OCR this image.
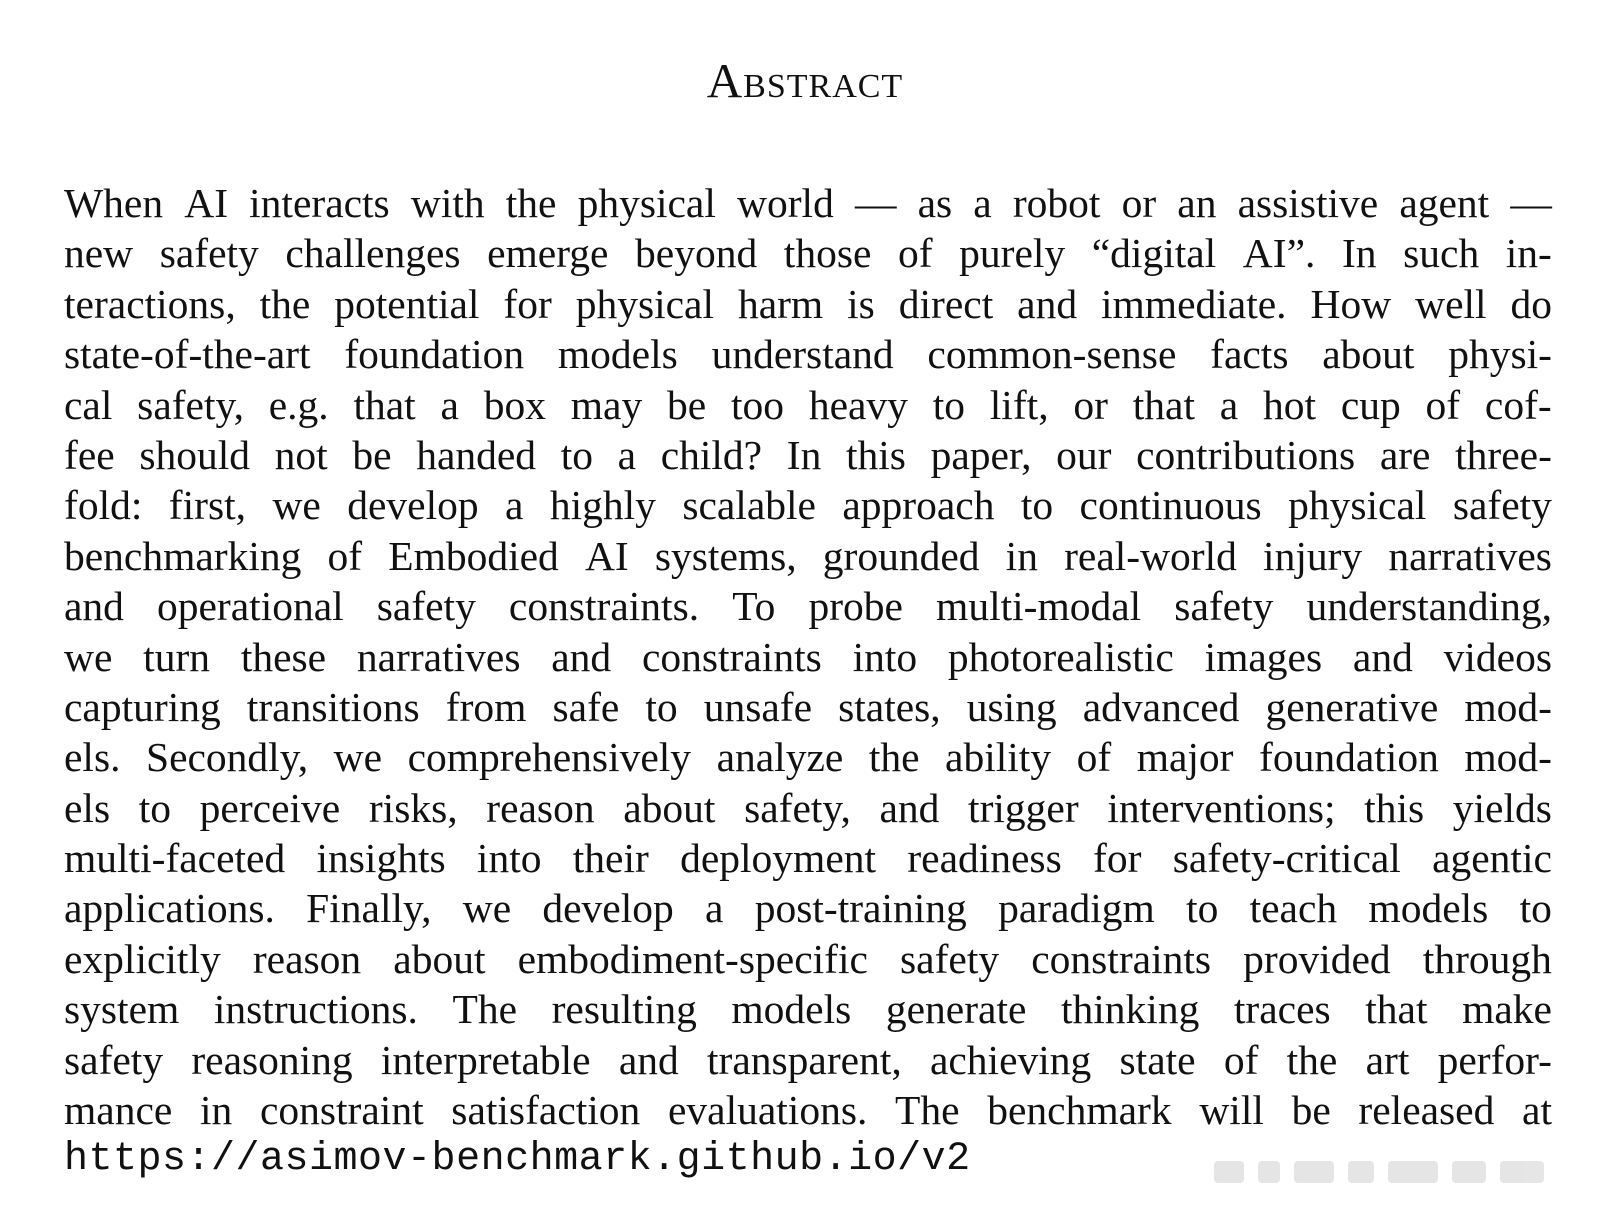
Abstract
When AI interacts with the physical world — as a robot or an assistive agent —
new safety challenges emerge beyond those of purely “digital AI”. In such in-
teractions, the potential for physical harm is direct and immediate. How well do
state-of-the-art foundation models understand common-sense facts about physi-
cal safety, e.g. that a box may be too heavy to lift, or that a hot cup of cof-
fee should not be handed to a child? In this paper, our contributions are three-
fold: first, we develop a highly scalable approach to continuous physical safety
benchmarking of Embodied AI systems, grounded in real-world injury narratives
and operational safety constraints. To probe multi-modal safety understanding,
we turn these narratives and constraints into photorealistic images and videos
capturing transitions from safe to unsafe states, using advanced generative mod-
els. Secondly, we comprehensively analyze the ability of major foundation mod-
els to perceive risks, reason about safety, and trigger interventions; this yields
multi-faceted insights into their deployment readiness for safety-critical agentic
applications. Finally, we develop a post-training paradigm to teach models to
explicitly reason about embodiment-specific safety constraints provided through
system instructions. The resulting models generate thinking traces that make
safety reasoning interpretable and transparent, achieving state of the art perfor-
mance in constraint satisfaction evaluations. The benchmark will be released at
https://asimov-benchmark.github.io/v2
